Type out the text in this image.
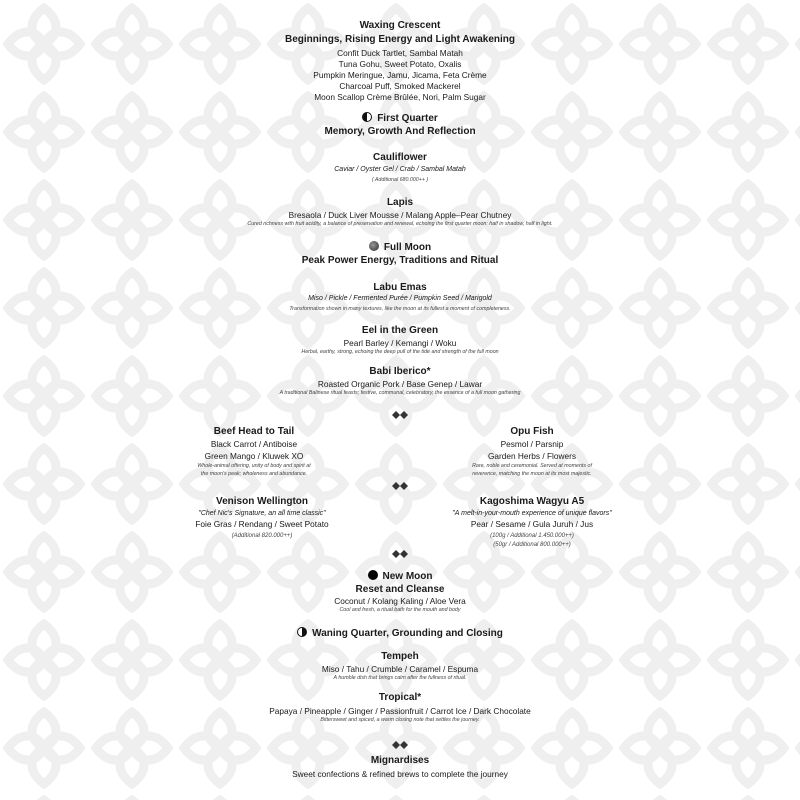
Waxing Crescent
Beginnings, Rising Energy and Light Awakening
Confit Duck Tartlet, Sambal Matah
Tuna Gohu, Sweet Potato, Oxalis
Pumpkin Meringue, Jamu, Jicama, Feta Crème
Charcoal Puff, Smoked Mackerel
Moon Scallop Crème Brûlée, Nori, Palm Sugar
First Quarter
Memory, Growth And Reflection
Cauliflower
Caviar / Oyster Gel / Crab / Sambal Matah
( Additional 680.000++ )
Lapis
Bresaola / Duck Liver Mousse / Malang Apple–Pear Chutney
Cured richness with fruit acidity, a balance of preservation and renewal, echoing the first quarter moon: half in shadow, half in light.
Full Moon
Peak Power Energy, Traditions and Ritual
Labu Emas
Miso / Pickle / Fermented Purée / Pumpkin Seed / Marigold
Transformation shown in many textures, like the moon at its fullest a moment of completeness.
Eel in the Green
Pearl Barley / Kemangi / Woku
Herbal, earthy, strong, echoing the deep pull of the tide and strength of the full moon
Babi Iberico*
Roasted Organic Pork / Base Genep / Lawar
A traditional Balinese ritual feasts; festive, communal, celebratory, the essence of a full moon gathering
Beef Head to Tail
Black Carrot / Antiboise
Green Mango / Kluwek XO
Whole-animal offering, unity of body and spirit at
the moon's peak; wholeness and abundance.
Opu Fish
Pesmol / Parsnip
Garden Herbs / Flowers
Rare, noble and ceremonial. Served at moments of
reverence, matching the moon at its most majestic.
Venison Wellington
"Chef Nic's Signature, an all time classic"
Foie Gras / Rendang / Sweet Potato
(Additional 820.000++)
Kagoshima Wagyu A5
"A melt-in-your-mouth experience of unique flavors"
Pear / Sesame / Gula Juruh / Jus
(100g / Additional 1.450.000++)
(50gr / Additional 800.000++)
New Moon
Reset and Cleanse
Coconut / Kolang Kaling / Aloe Vera
Cool and fresh, a ritual bath for the mouth and body
Waning Quarter, Grounding and Closing
Tempeh
Miso / Tahu / Crumble / Caramel / Espuma
A humble dish that brings calm after the fullness of ritual.
Tropical*
Papaya / Pineapple / Ginger / Passionfruit / Carrot Ice / Dark Chocolate
Bittersweet and spiced, a warm closing note that settles the journey.
Mignardises
Sweet confections & refined brews to complete the journey
